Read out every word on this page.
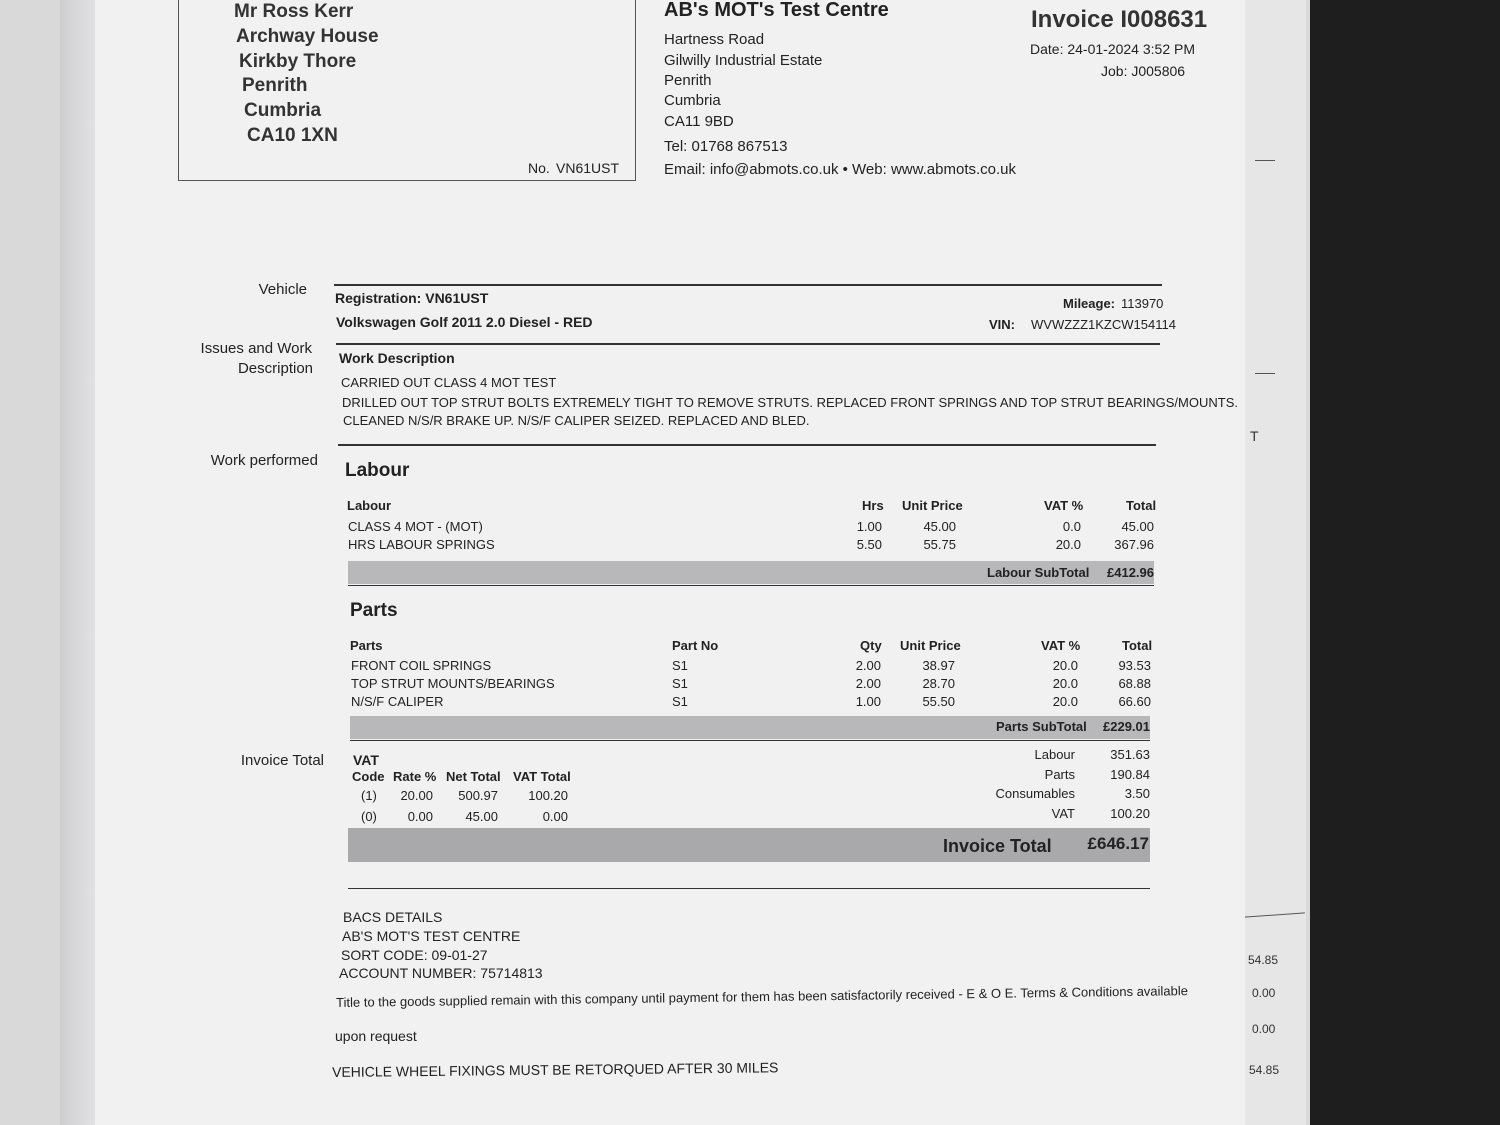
T
54.85
0.00
0.00
54.85
Mr Ross Kerr
Archway House
Kirkby Thore
Penrith
Cumbria
CA10 1XN
No. VN61UST
AB's MOT's Test Centre
Hartness Road
Gilwilly Industrial Estate
Penrith
Cumbria
CA11 9BD
Tel: 01768 867513
Email: info@abmots.co.uk • Web: www.abmots.co.uk
Invoice I008631
Date: 24-01-2024 3:52 PM
Job: J005806
Vehicle Registration: VN61UST
Volkswagen Golf 2011 2.0 Diesel - RED
Mileage: 113970
VIN: WVWZZZ1KZCW154114
Issues and Work
Description
Work Description
CARRIED OUT CLASS 4 MOT TEST
DRILLED OUT TOP STRUT BOLTS EXTREMELY TIGHT TO REMOVE STRUTS. REPLACED FRONT SPRINGS AND TOP STRUT BEARINGS/MOUNTS.
CLEANED N/S/R BRAKE UP. N/S/F CALIPER SEIZED. REPLACED AND BLED.
Work performed Labour
Labour	Hrs Unit Price	VAT %	Total
CLASS 4 MOT - (MOT)	1.00	45.00	0.0	45.00
HRS LABOUR SPRINGS	5.50	55.75	20.0	367.96
Labour SubTotal	£412.96
Parts
Parts	Part No	Qty Unit Price	VAT %	Total
FRONT COIL SPRINGS	S1	2.00	38.97	20.0	93.53
TOP STRUT MOUNTS/BEARINGS	S1	2.00	28.70	20.0	68.88
N/S/F CALIPER	S1	1.00	55.50	20.0	66.60
Parts SubTotal	£229.01
Invoice Total VAT
Code Rate % Net Total VAT Total
(1)	20.00 500.97 100.20
(0)	0.00	45.00	0.00
Labour	351.63
Parts	190.84
Consumables	3.50
VAT	100.20
Invoice Total	£646.17
BACS DETAILS
AB'S MOT'S TEST CENTRE
SORT CODE: 09-01-27
ACCOUNT NUMBER: 75714813
Title to the goods supplied remain with this company until payment for them has been satisfactorily received - E & O E. Terms & Conditions available
upon request
VEHICLE WHEEL FIXINGS MUST BE RETORQUED AFTER 30 MILES
